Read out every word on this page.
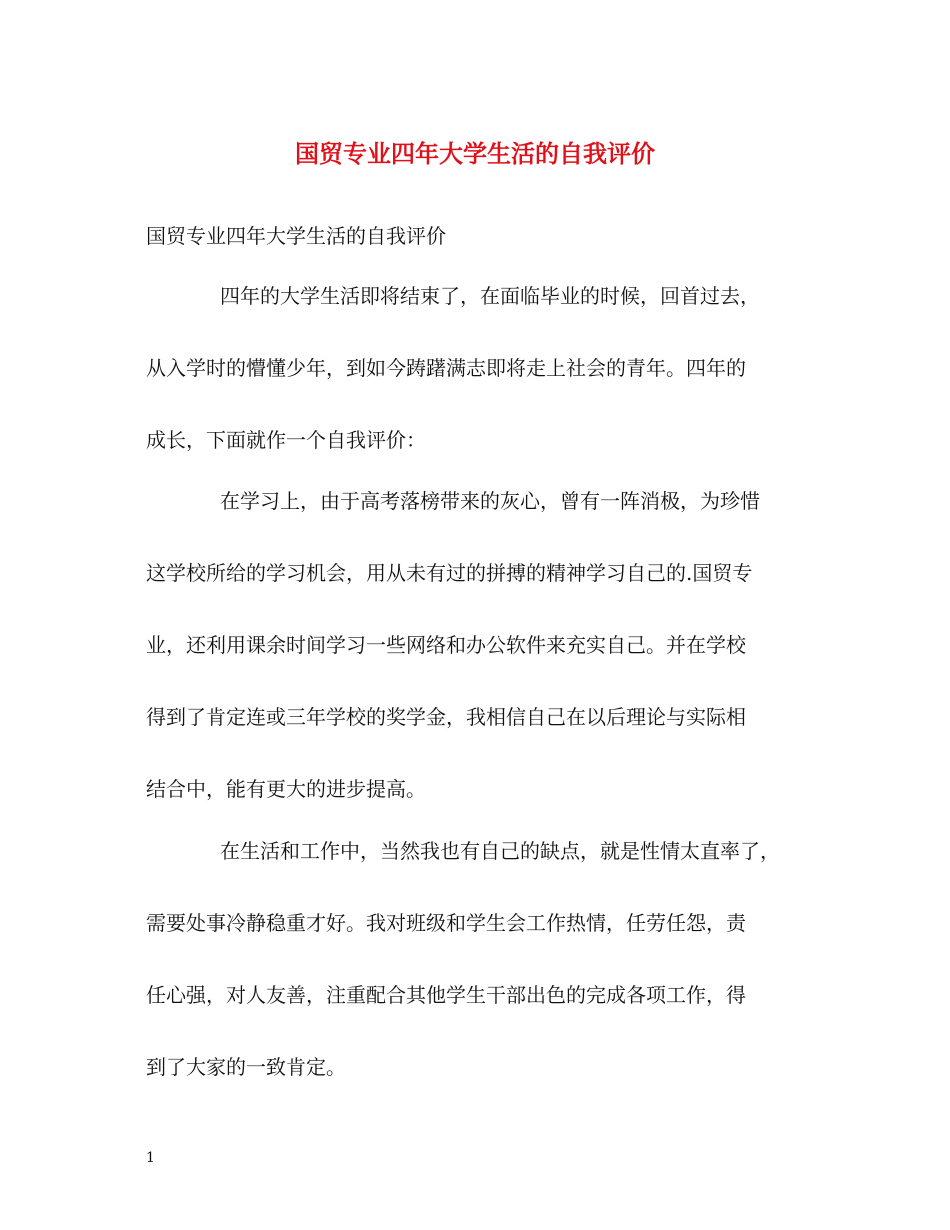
国贸专业四年大学生活的自我评价
国贸专业四年大学生活的自我评价
四年的大学生活即将结束了，在面临毕业的时候，回首过去，
从入学时的懵懂少年，到如今踌躇满志即将走上社会的青年。四年的
成长，下面就作一个自我评价：
在学习上，由于高考落榜带来的灰心，曾有一阵消极，为珍惜
这学校所给的学习机会，用从未有过的拼搏的精神学习自己的.国贸专
业，还利用课余时间学习一些网络和办公软件来充实自己。并在学校
得到了肯定连或三年学校的奖学金，我相信自己在以后理论与实际相
结合中，能有更大的进步提高。
在生活和工作中，当然我也有自己的缺点，就是性情太直率了，
需要处事冷静稳重才好。我对班级和学生会工作热情，任劳任怨，责
任心强，对人友善，注重配合其他学生干部出色的完成各项工作，得
到了大家的一致肯定。
1
